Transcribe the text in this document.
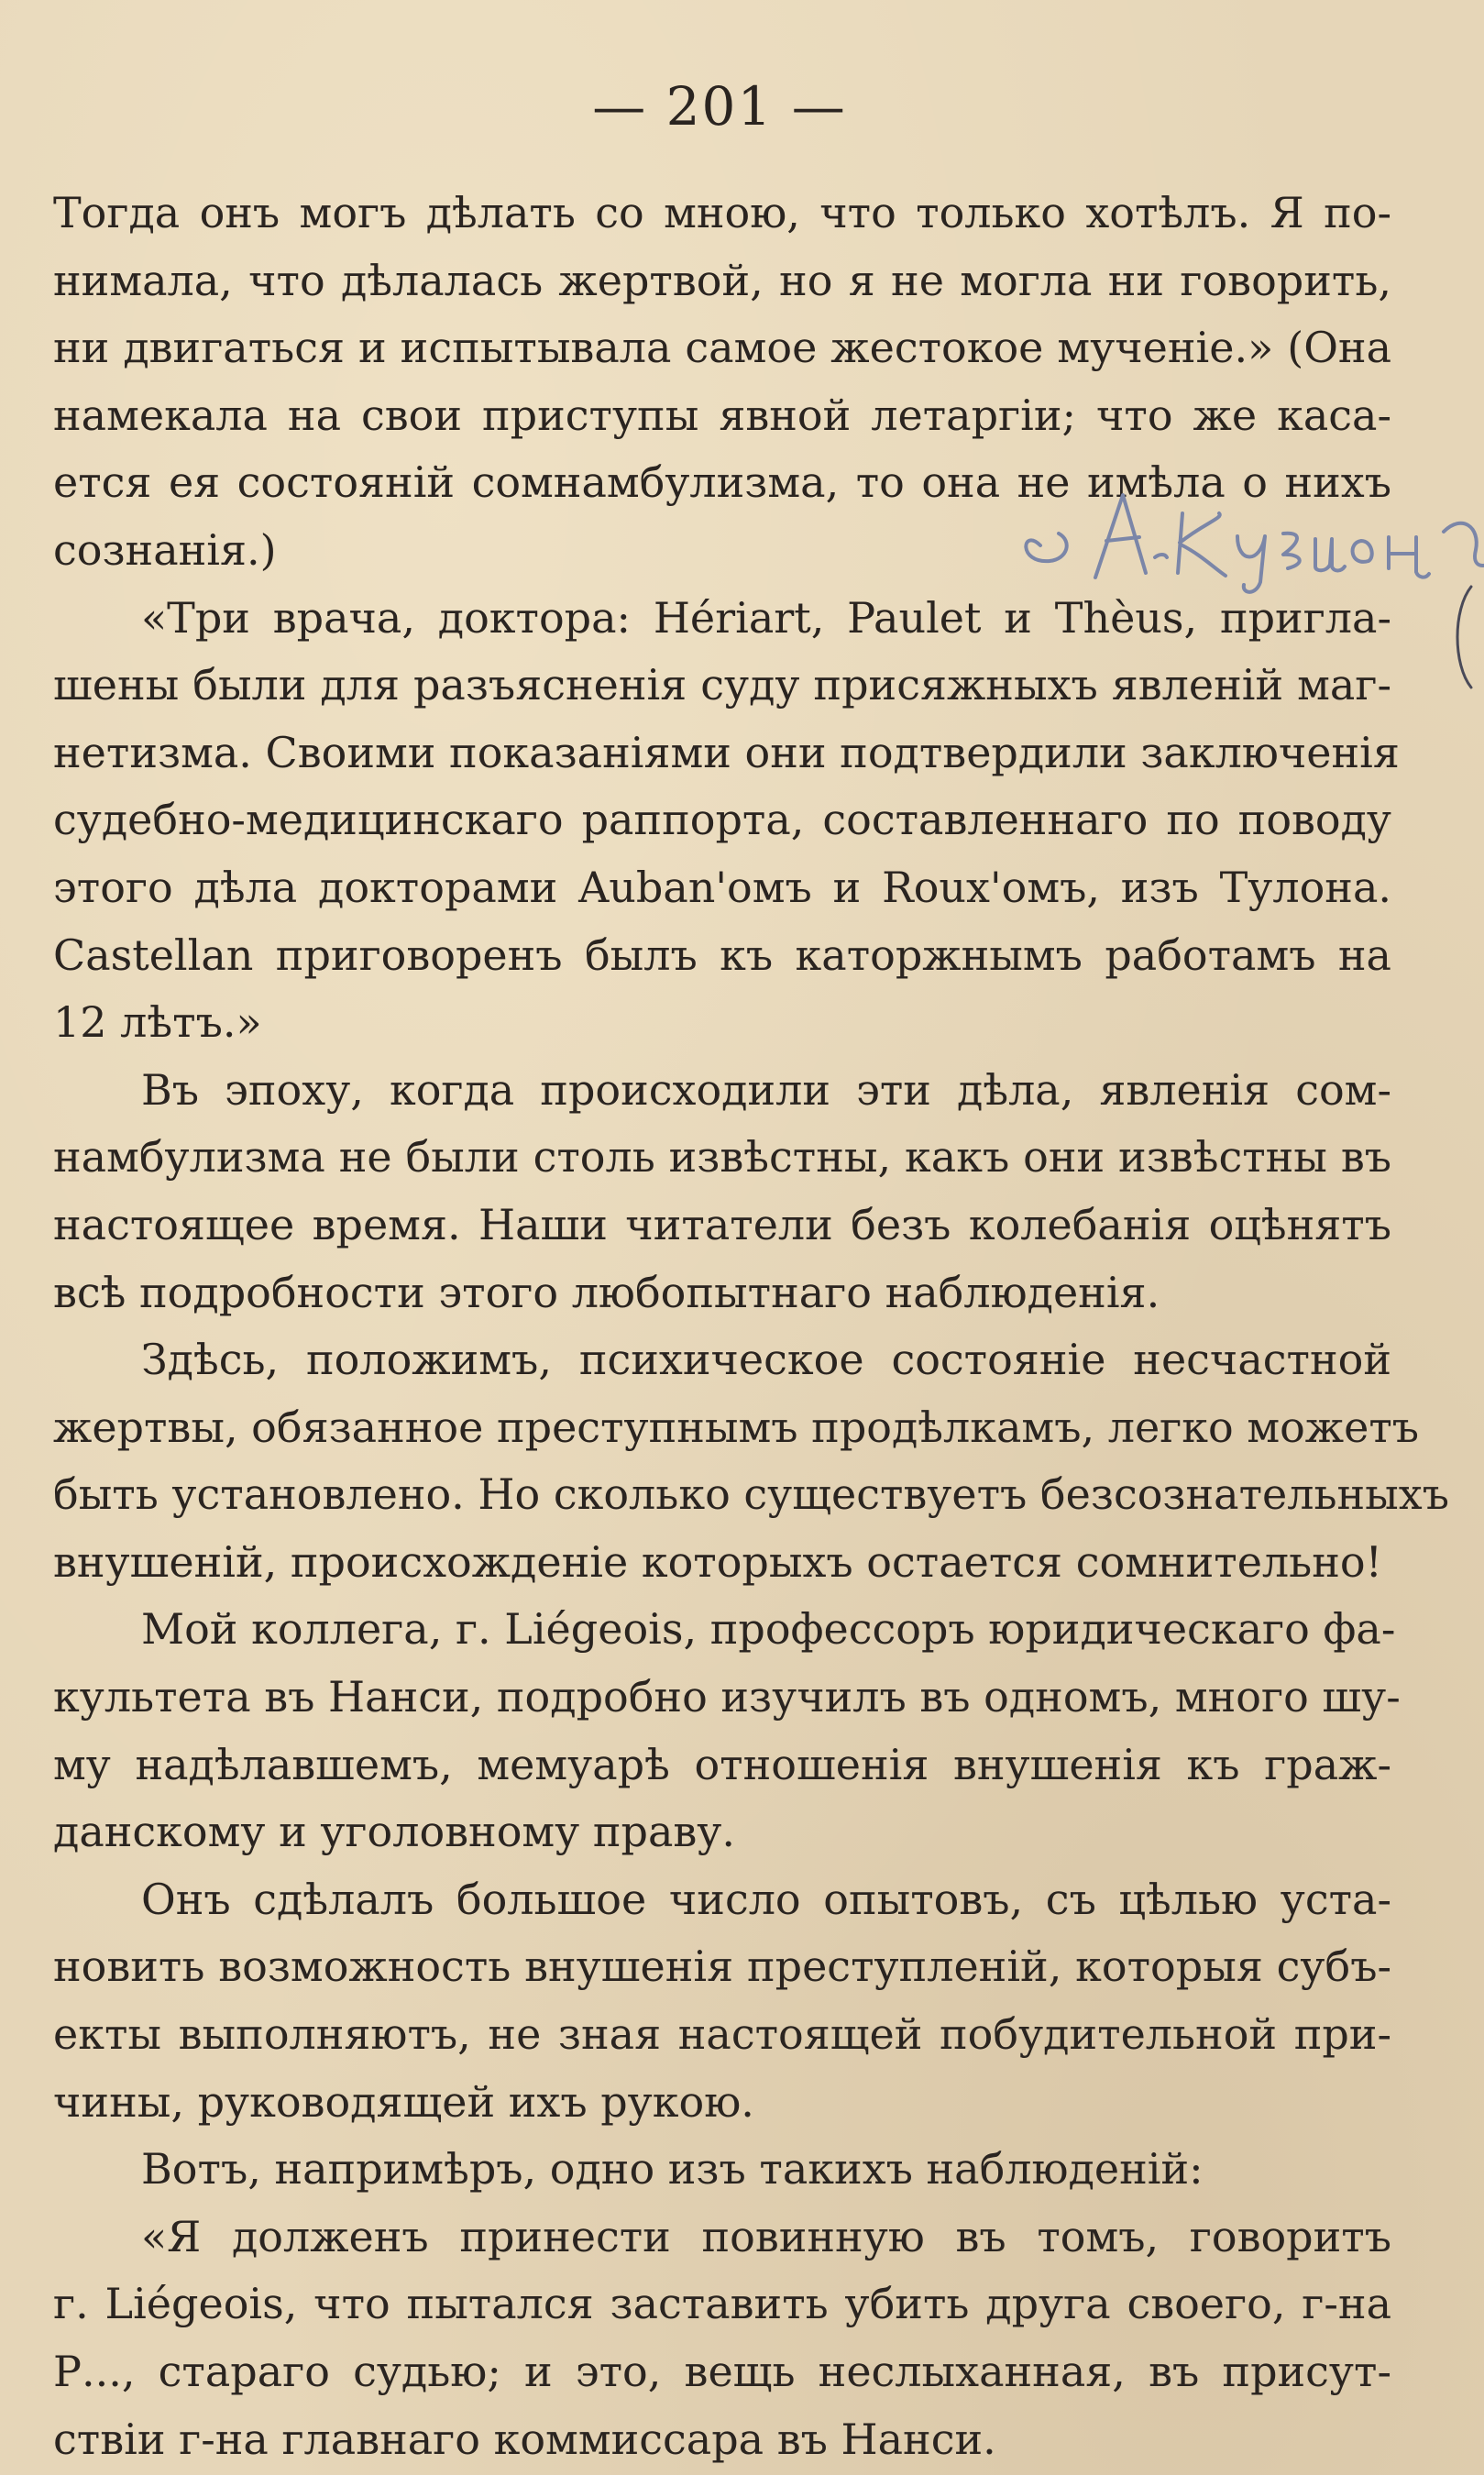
— 201 —
Тогда онъ могъ дѣлать со мною, что только хотѣлъ. Я по-
нимала, что дѣлалась жертвой, но я не могла ни говорить,
ни двигаться и испытывала самое жестокое мученіе.» (Она
намекала на свои приступы явной летаргіи; что же каса-
ется ея состояній сомнамбулизма, то она не имѣла о нихъ
сознанія.)
«Три врача, доктора: Hériart, Paulet и Thèus, пригла-
шены были для разъясненія суду присяжныхъ явленій маг-
нетизма. Своими показаніями они подтвердили заключенія
судебно-медицинскаго раппорта, составленнаго по поводу
этого дѣла докторами Auban'омъ и Roux'омъ, изъ Тулона.
Castellan приговоренъ былъ къ каторжнымъ работамъ на
12 лѣтъ.»
Въ эпоху, когда происходили эти дѣла, явленія сом-
намбулизма не были столь извѣстны, какъ они извѣстны въ
настоящее время. Наши читатели безъ колебанія оцѣнятъ
всѣ подробности этого любопытнаго наблюденія.
Здѣсь, положимъ, психическое состояніе несчастной
жертвы, обязанное преступнымъ продѣлкамъ, легко можетъ
быть установлено. Но сколько существуетъ безсознательныхъ
внушеній, происхожденіе которыхъ остается сомнительно!
Мой коллега, г. Liégeois, профессоръ юридическаго фа-
культета въ Нанси, подробно изучилъ въ одномъ, много шу-
му надѣлавшемъ, мемуарѣ отношенія внушенія къ граж-
данскому и уголовному праву.
Онъ сдѣлалъ большое число опытовъ, съ цѣлью уста-
новить возможность внушенія преступленій, которыя субъ-
екты выполняютъ, не зная настоящей побудительной при-
чины, руководящей ихъ рукою.
Вотъ, напримѣръ, одно изъ такихъ наблюденій:
«Я долженъ принести повинную въ томъ, говоритъ
г. Liégeois, что пытался заставить убить друга своего, г-на
Р..., стараго судью; и это, вещь неслыханная, въ присут-
ствіи г-на главнаго коммиссара въ Нанси.
